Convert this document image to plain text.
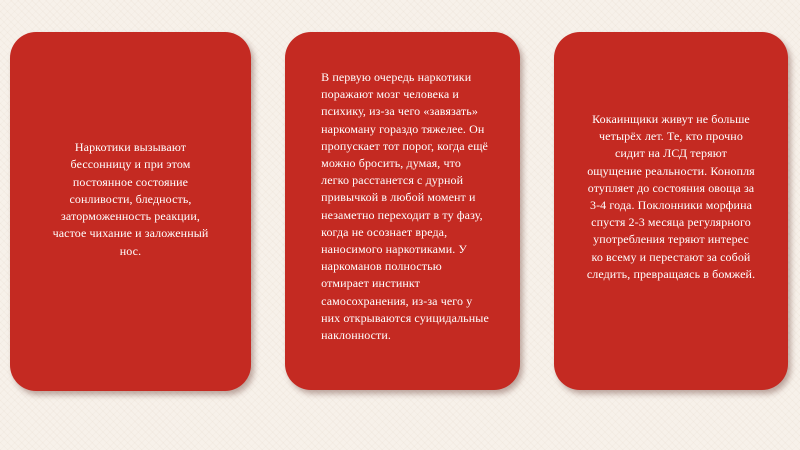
Наркотики вызывают
бессонницу и при этом
постоянное состояние
сонливости, бледность,
заторможенность реакции,
частое чихание и заложенный
нос.
В первую очередь наркотики
поражают мозг человека и
психику, из-за чего «завязать»
наркоману гораздо тяжелее. Он
пропускает тот порог, когда ещё
можно бросить, думая, что
легко расстанется с дурной
привычкой в любой момент и
незаметно переходит в ту фазу,
когда не осознает вреда,
наносимого наркотиками. У
наркоманов полностью
отмирает инстинкт
самосохранения, из-за чего у
них открываются суицидальные
наклонности.
Кокаинщики живут не больше
четырёх лет. Те, кто прочно
сидит на ЛСД теряют
ощущение реальности. Конопля
отупляет до состояния овоща за
3-4 года. Поклонники морфина
спустя 2-3 месяца регулярного
употребления теряют интерес
ко всему и перестают за собой
следить, превращаясь в бомжей.
